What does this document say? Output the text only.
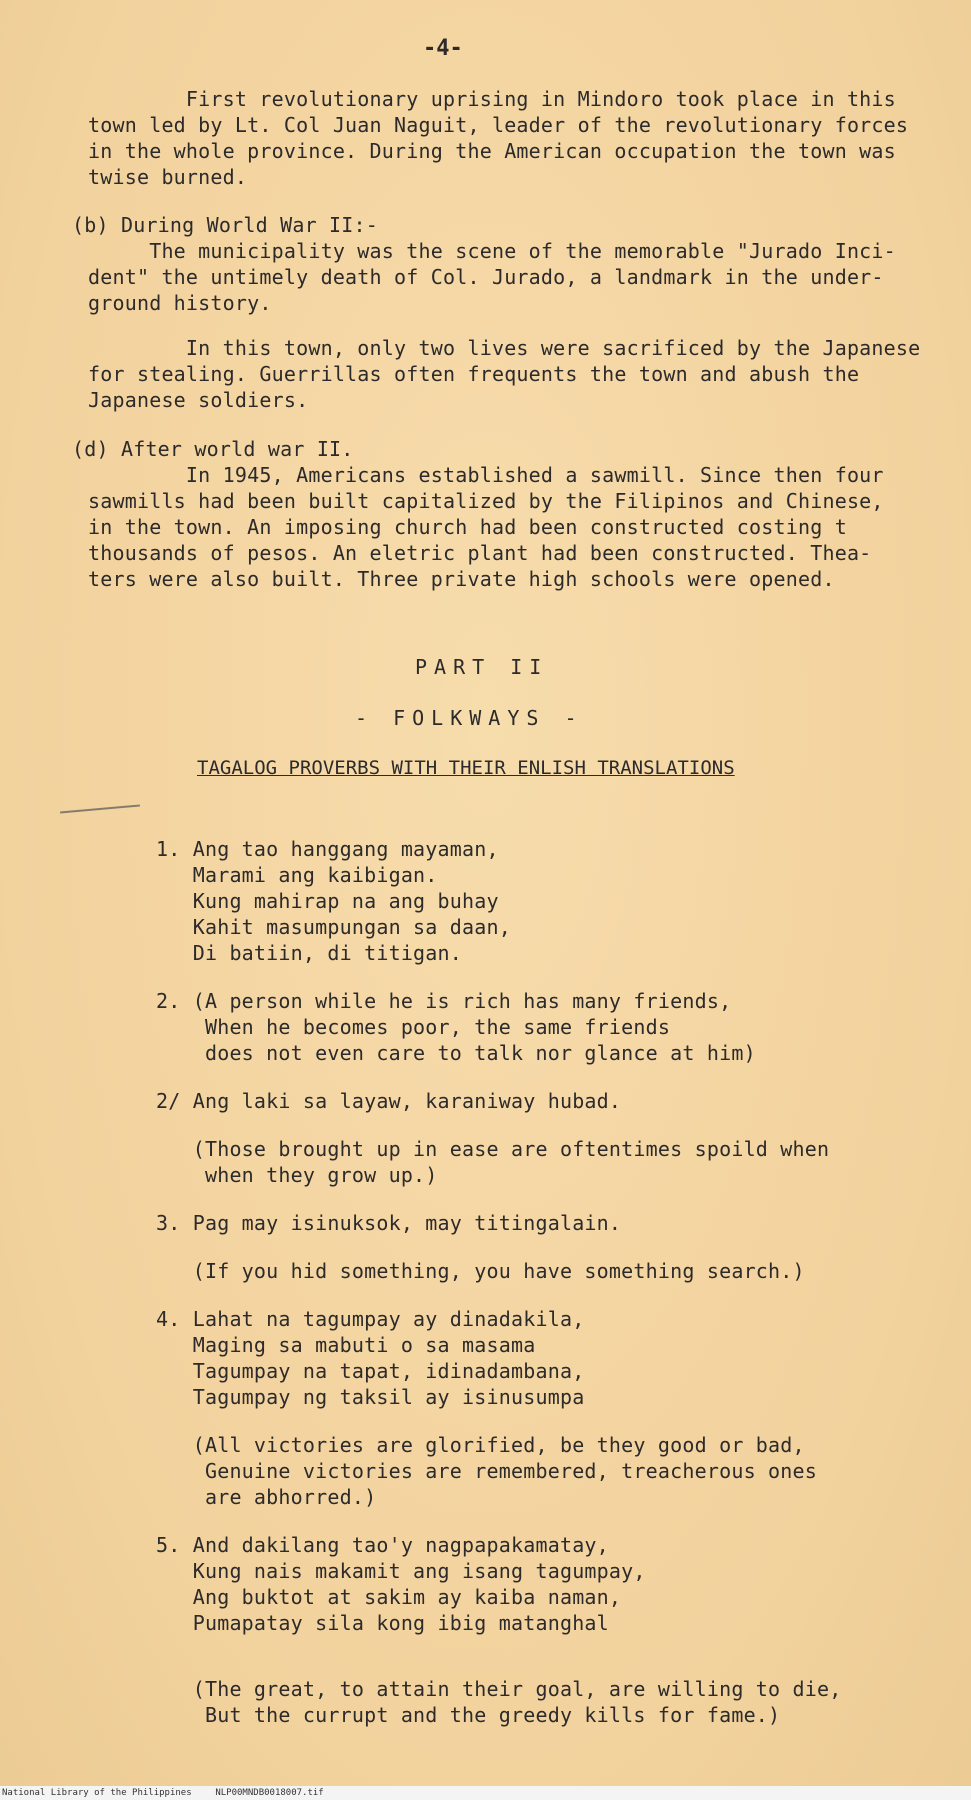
-4-
First revolutionary uprising in Mindoro took place in this
town led by Lt. Col Juan Naguit, leader of the revolutionary forces
in the whole province. During the American occupation the town was
twise burned.
(b) During World War II:-
The municipality was the scene of the memorable "Jurado Inci-
dent" the untimely death of Col. Jurado, a landmark in the under-
ground history.
In this town, only two lives were sacrificed by the Japanese
for stealing. Guerrillas often frequents the town and abush the
Japanese soldiers.
(d) After world war II.
In 1945, Americans established a sawmill. Since then four
sawmills had been built capitalized by the Filipinos and Chinese,
in the town. An imposing church had been constructed costing t
thousands of pesos. An eletric plant had been constructed. Thea-
ters were also built. Three private high schools were opened.
PART II
- FOLKWAYS -
TAGALOG PROVERBS WITH THEIR ENLISH TRANSLATIONS
1. Ang tao hanggang mayaman,
Marami ang kaibigan.
Kung mahirap na ang buhay
Kahit masumpungan sa daan,
Di batiin, di titigan.
2. (A person while he is rich has many friends,
When he becomes poor, the same friends
does not even care to talk nor glance at him)
2/ Ang laki sa layaw, karaniway hubad.
(Those brought up in ease are oftentimes spoild when
when they grow up.)
3. Pag may isinuksok, may titingalain.
(If you hid something, you have something search.)
4. Lahat na tagumpay ay dinadakila,
Maging sa mabuti o sa masama
Tagumpay na tapat, idinadambana,
Tagumpay ng taksil ay isinusumpa
(All victories are glorified, be they good or bad,
Genuine victories are remembered, treacherous ones
are abhorred.)
5. And dakilang tao'y nagpapakamatay,
Kung nais makamit ang isang tagumpay,
Ang buktot at sakim ay kaiba naman,
Pumapatay sila kong ibig matanghal
(The great, to attain their goal, are willing to die,
But the currupt and the greedy kills for fame.)
National Library of the Philippines	NLP00MNDB0018007.tif
